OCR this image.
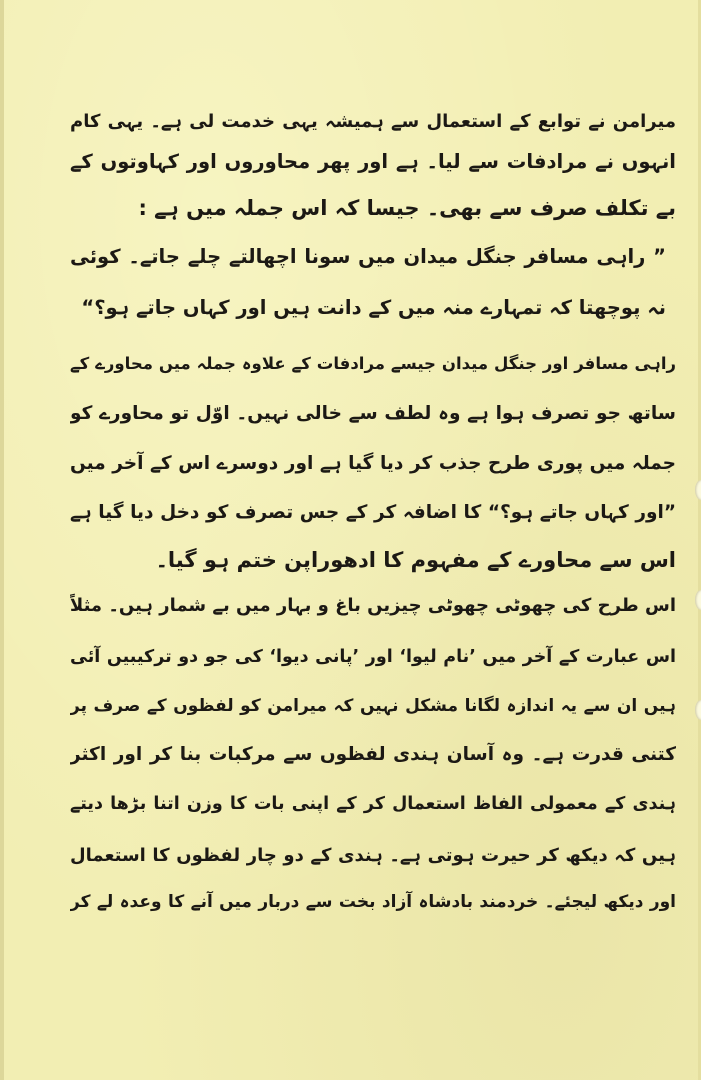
میرامن نے توابع کے استعمال سے ہمیشہ یہی خدمت لی ہے۔ یہی کام
انہوں نے مرادفات سے لیا۔ ہے اور پھر محاوروں اور کہاوتوں کے
بے تکلف صرف سے بھی۔ جیسا کہ اس جملہ میں ہے :
” راہی مسافر جنگل میدان میں سونا اچھالتے چلے جاتے۔ کوئی
نہ پوچھتا کہ تمہارے منہ میں کے دانت ہیں اور کہاں جاتے ہو؟“
راہی مسافر اور جنگل میدان جیسے مرادفات کے علاوہ جملہ میں محاورے کے
ساتھ جو تصرف ہوا ہے وہ لطف سے خالی نہیں۔ اوّل تو محاورے کو
جملہ میں پوری طرح جذب کر دیا گیا ہے اور دوسرے اس کے آخر میں
”اور کہاں جاتے ہو؟“ کا اضافہ کر کے جس تصرف کو دخل دیا گیا ہے
اس سے محاورے کے مفہوم کا ادھوراپن ختم ہو گیا۔
اس طرح کی چھوٹی چھوٹی چیزیں باغ و بہار میں بے شمار ہیں۔ مثلاً
اس عبارت کے آخر میں ’نام لیوا‘ اور ’پانی دیوا‘ کی جو دو ترکیبیں آئی
ہیں ان سے یہ اندازہ لگانا مشکل نہیں کہ میرامن کو لفظوں کے صرف پر
کتنی قدرت ہے۔ وہ آسان ہندی لفظوں سے مرکبات بنا کر اور اکثر
ہندی کے معمولی الفاظ استعمال کر کے اپنی بات کا وزن اتنا بڑھا دیتے
ہیں کہ دیکھ کر حیرت ہوتی ہے۔ ہندی کے دو چار لفظوں کا استعمال
اور دیکھ لیجئے۔ خردمند بادشاہ آزاد بخت سے دربار میں آنے کا وعدہ لے کر
